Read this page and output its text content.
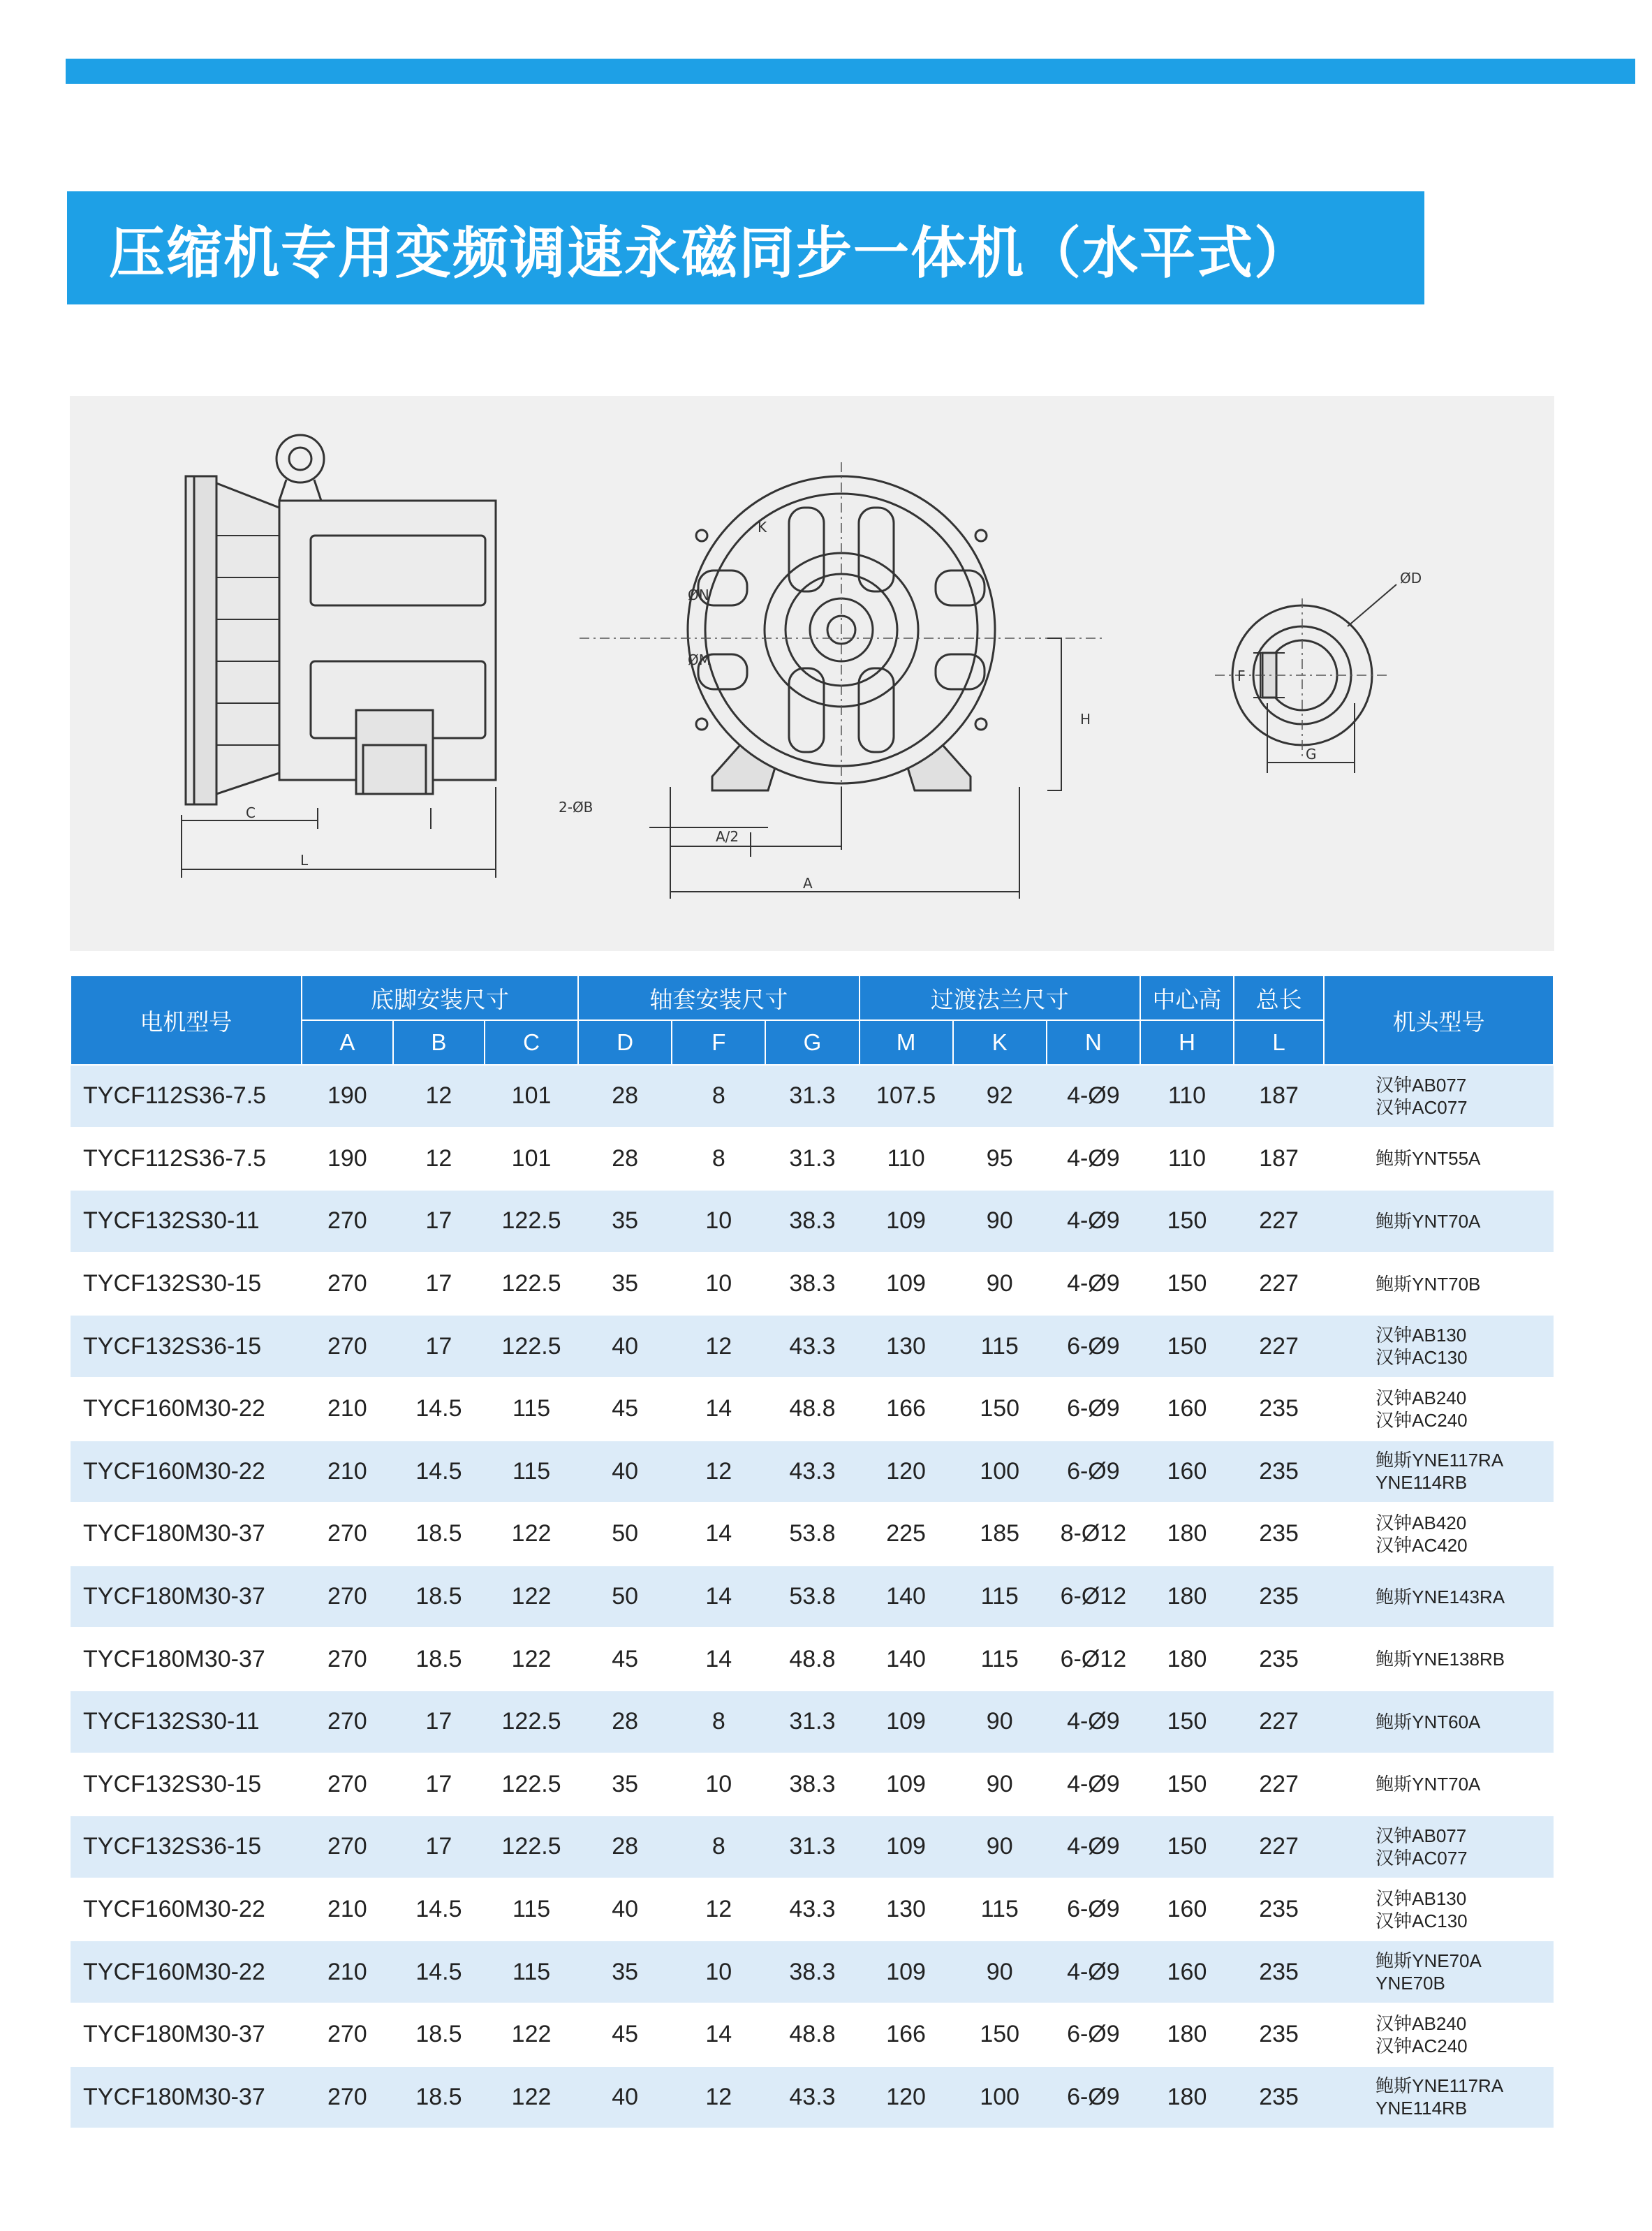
压缩机专用变频调速永磁同步一体机（水平式）
C
L
H
2-ØB
A/2
A
K
ØN
ØM
ØD
F
G
电机型号	底脚安装尺寸			轴套安装尺寸			过渡法兰尺寸			中心高	总长	机头型号
	A	B	C	D	F	G	M	K	N	H	L	
TYCF112S36-7.5	190	12	101	28	8	31.3	107.5	92	4-Ø9	110	187	汉钟AB077
汉钟AC077

TYCF112S36-7.5	190	12	101	28	8	31.3	110	95	4-Ø9	110	187	鲍斯YNT55A

TYCF132S30-11	270	17	122.5	35	10	38.3	109	90	4-Ø9	150	227	鲍斯YNT70A

TYCF132S30-15	270	17	122.5	35	10	38.3	109	90	4-Ø9	150	227	鲍斯YNT70B

TYCF132S36-15	270	17	122.5	40	12	43.3	130	115	6-Ø9	150	227	汉钟AB130
汉钟AC130

TYCF160M30-22	210	14.5	115	45	14	48.8	166	150	6-Ø9	160	235	汉钟AB240
汉钟AC240

TYCF160M30-22	210	14.5	115	40	12	43.3	120	100	6-Ø9	160	235	鲍斯YNE117RA
YNE114RB

TYCF180M30-37	270	18.5	122	50	14	53.8	225	185	8-Ø12	180	235	汉钟AB420
汉钟AC420

TYCF180M30-37	270	18.5	122	50	14	53.8	140	115	6-Ø12	180	235	鲍斯YNE143RA

TYCF180M30-37	270	18.5	122	45	14	48.8	140	115	6-Ø12	180	235	鲍斯YNE138RB

TYCF132S30-11	270	17	122.5	28	8	31.3	109	90	4-Ø9	150	227	鲍斯YNT60A

TYCF132S30-15	270	17	122.5	35	10	38.3	109	90	4-Ø9	150	227	鲍斯YNT70A

TYCF132S36-15	270	17	122.5	28	8	31.3	109	90	4-Ø9	150	227	汉钟AB077
汉钟AC077

TYCF160M30-22	210	14.5	115	40	12	43.3	130	115	6-Ø9	160	235	汉钟AB130
汉钟AC130

TYCF160M30-22	210	14.5	115	35	10	38.3	109	90	4-Ø9	160	235	鲍斯YNE70A
YNE70B

TYCF180M30-37	270	18.5	122	45	14	48.8	166	150	6-Ø9	180	235	汉钟AB240
汉钟AC240

TYCF180M30-37	270	18.5	122	40	12	43.3	120	100	6-Ø9	180	235	鲍斯YNE117RA
YNE114RB
